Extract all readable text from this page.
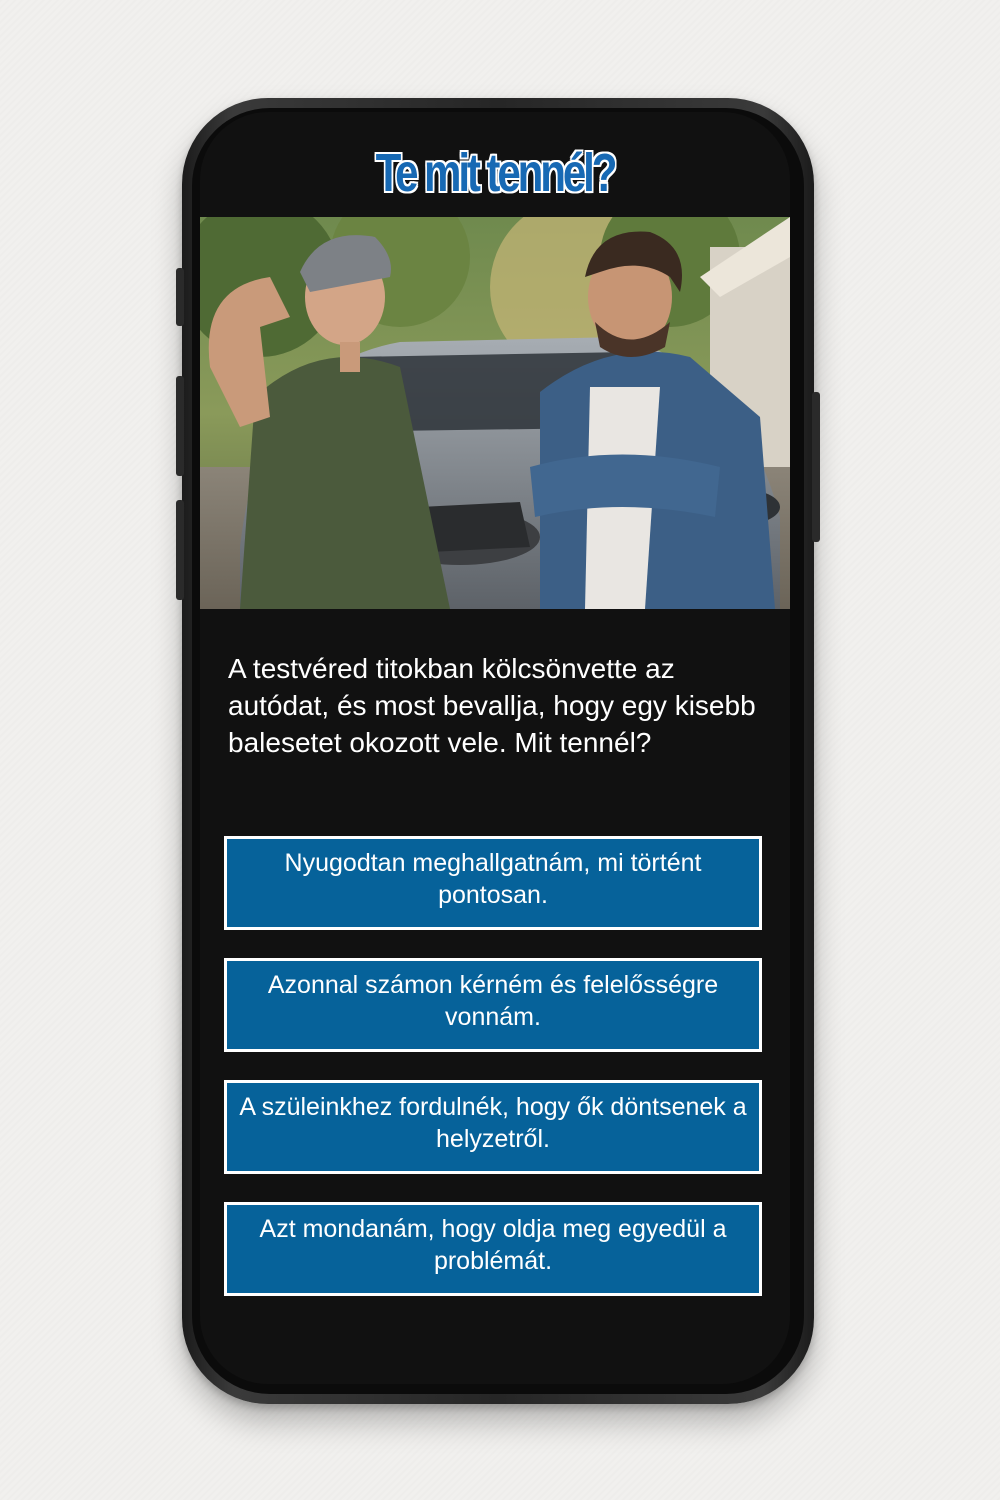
Te mit tennél?
A testvéred titokban kölcsönvette az autódat, és most bevallja, hogy egy kisebb balesetet okozott vele. Mit tennél?
Nyugodtan meghallgatnám, mi történt pontosan.
Azonnal számon kérném és felelősségre vonnám.
A szüleinkhez fordulnék, hogy ők döntsenek a helyzetről.
Azt mondanám, hogy oldja meg egyedül a problémát.
